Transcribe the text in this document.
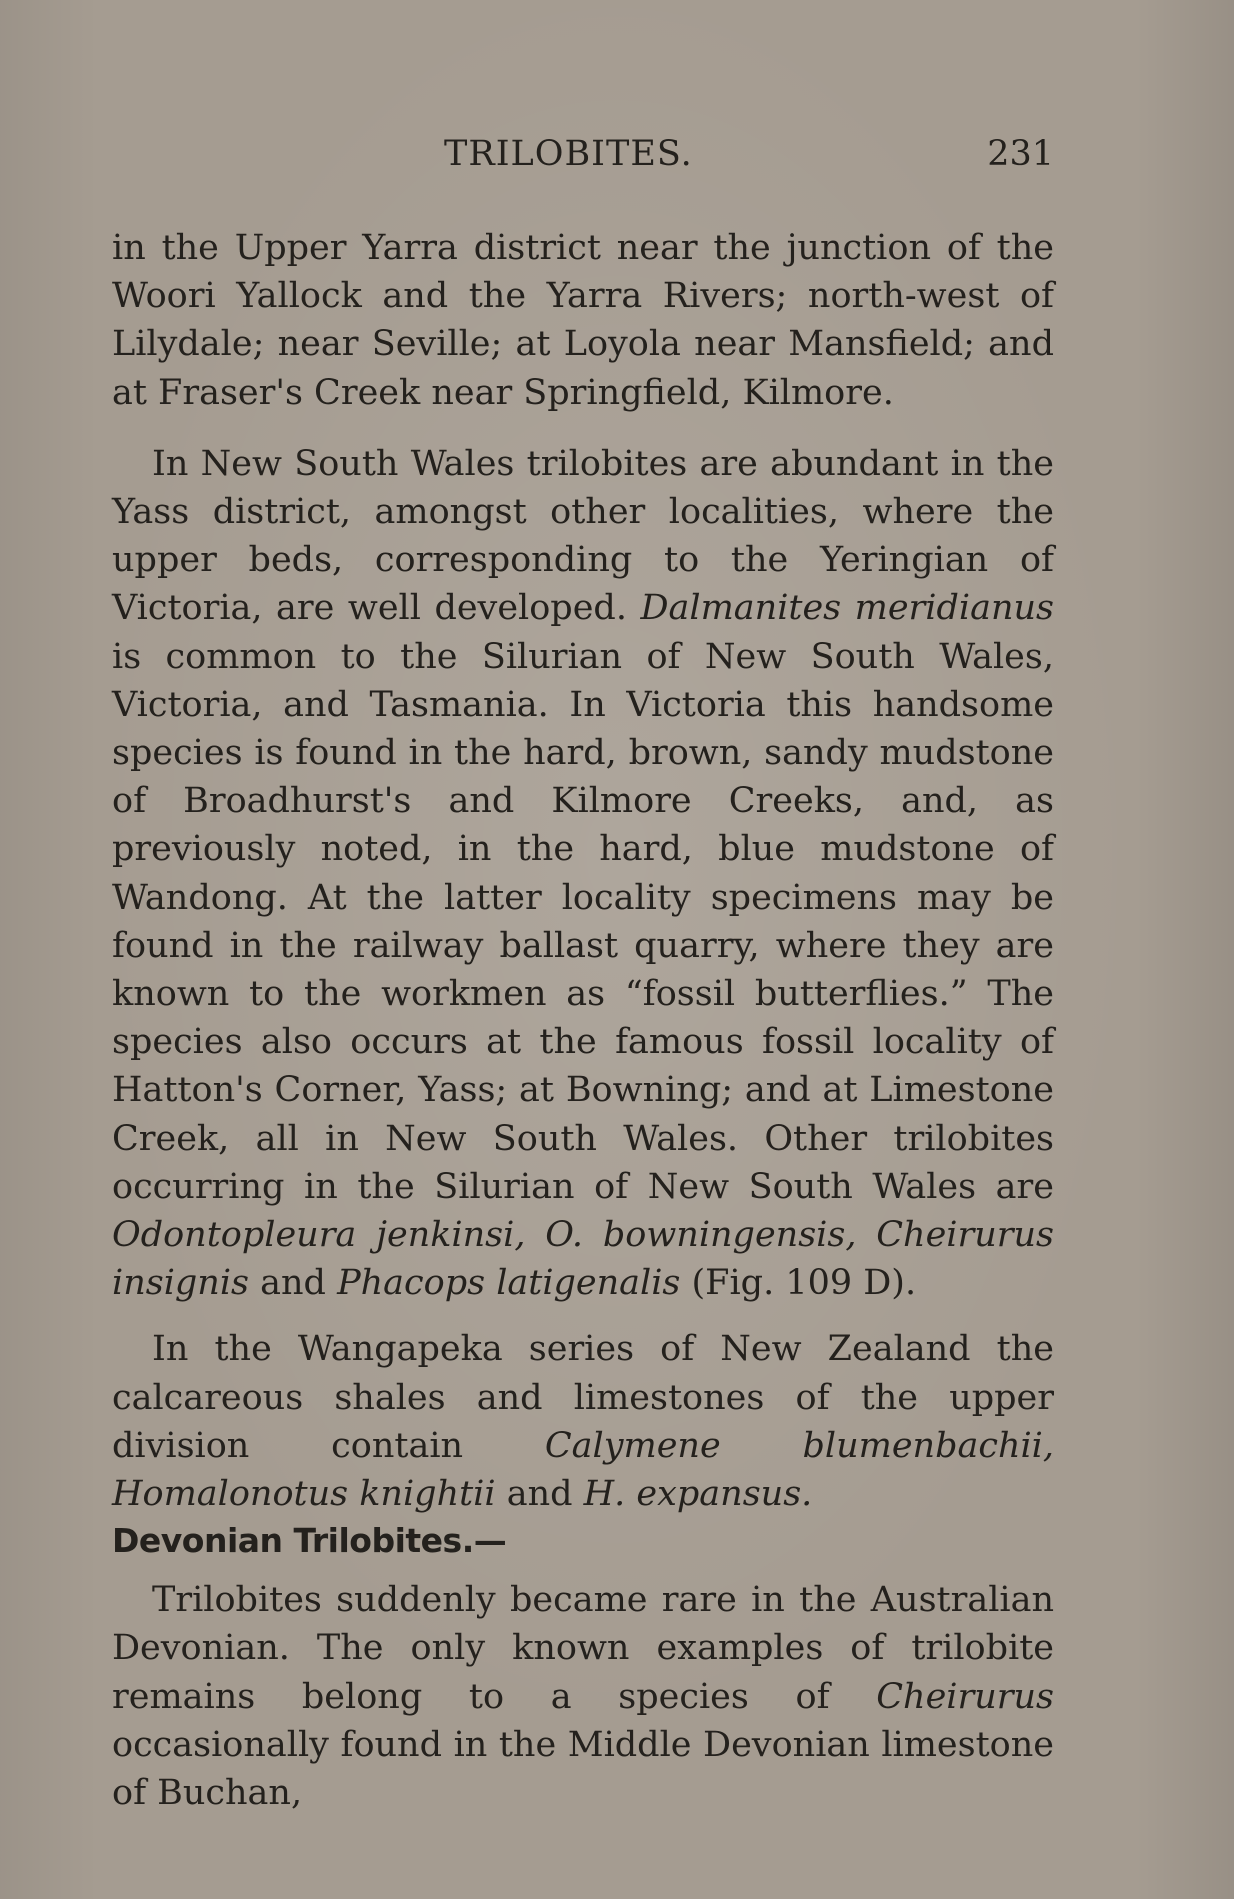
TRILOBITES.	231

in the Upper Yarra district near the junction of the Woori Yallock and the Yarra Rivers; north-west of Lilydale; near Seville; at Loyola near Mansfield; and at Fraser's Creek near Springfield, Kilmore.

In New South Wales trilobites are abundant in the Yass district, amongst other localities, where the upper beds, corresponding to the Yeringian of Victoria, are well developed. Dalmanites meridianus is common to the Silurian of New South Wales, Victoria, and Tasmania. In Victoria this handsome species is found in the hard, brown, sandy mudstone of Broadhurst's and Kilmore Creeks, and, as previously noted, in the hard, blue mudstone of Wandong. At the latter locality specimens may be found in the railway ballast quarry, where they are known to the workmen as “fossil butterflies.” The species also occurs at the famous fossil locality of Hatton's Corner, Yass; at Bowning; and at Limestone Creek, all in New South Wales. Other trilobites occurring in the Silurian of New South Wales are Odontopleura jenkinsi, O. bowningensis, Cheirurus insignis and Phacops latigenalis (Fig. 109 D).

In the Wangapeka series of New Zealand the calcareous shales and limestones of the upper division contain Calymene blumenbachii, Homalonotus knightii and H. expansus.

Devonian Trilobites.—

Trilobites suddenly became rare in the Australian Devonian. The only known examples of trilobite remains belong to a species of Cheirurus occasionally found in the Middle Devonian limestone of Buchan,
